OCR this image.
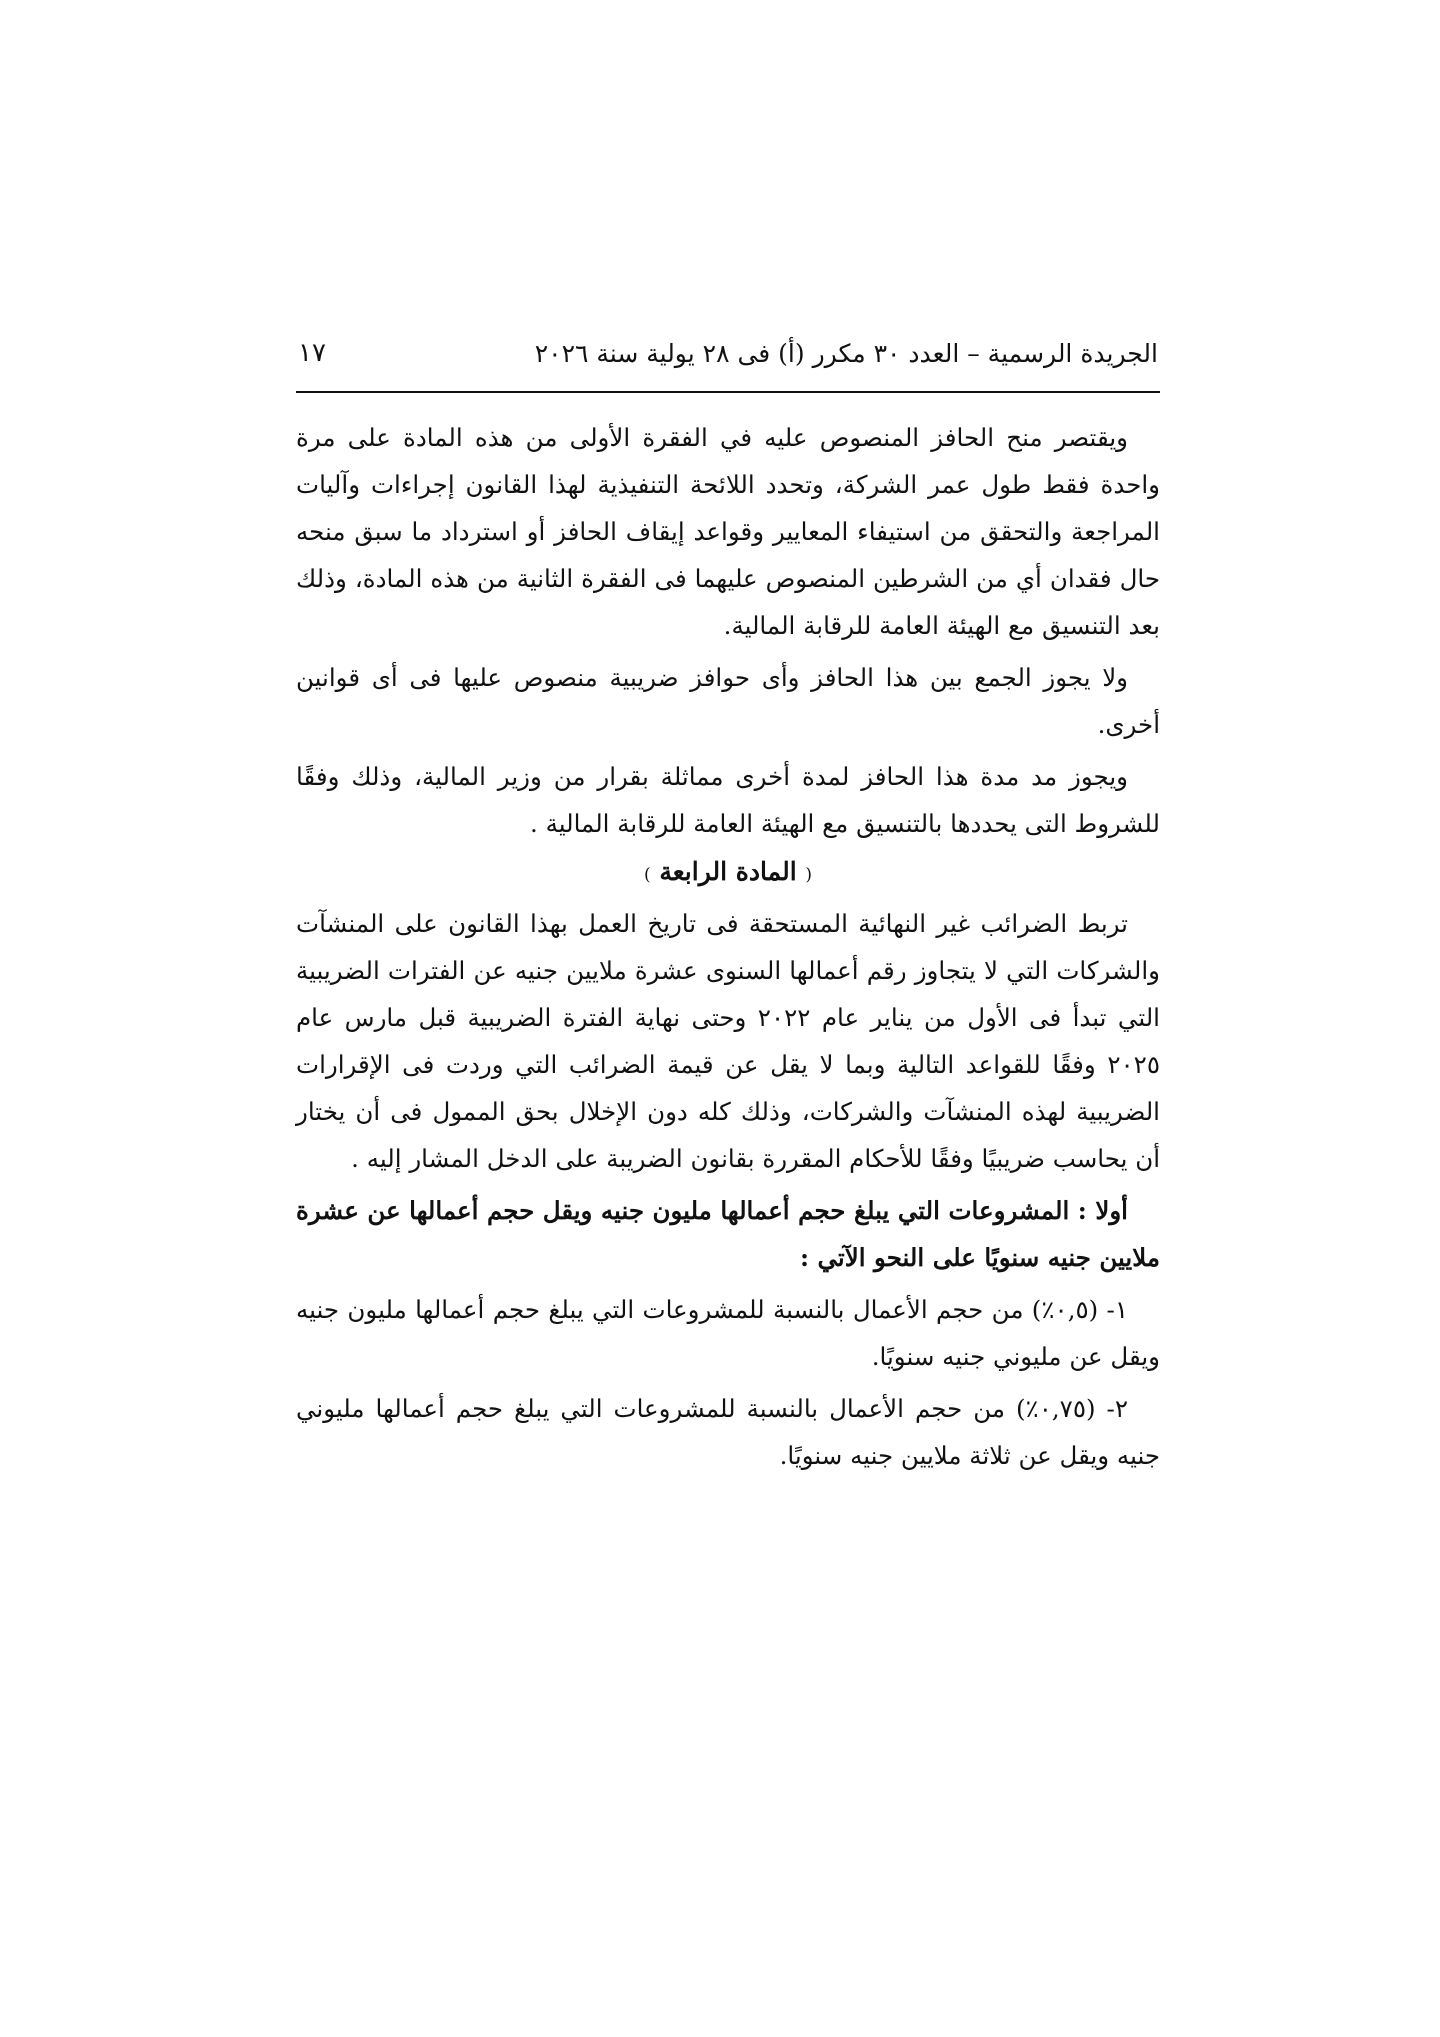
الجريدة الرسمية – العدد ٣٠ مكرر (أ) فى ٢٨ يولية سنة ٢٠٢٦
١٧

ويقتصر منح الحافز المنصوص عليه في الفقرة الأولى من هذه المادة على مرة واحدة فقط طول عمر الشركة، وتحدد اللائحة التنفيذية لهذا القانون إجراءات وآليات المراجعة والتحقق من استيفاء المعايير وقواعد إيقاف الحافز أو استرداد ما سبق منحه حال فقدان أي من الشرطين المنصوص عليهما فى الفقرة الثانية من هذه المادة، وذلك بعد التنسيق مع الهيئة العامة للرقابة المالية.

ولا يجوز الجمع بين هذا الحافز وأى حوافز ضريبية منصوص عليها فى أى قوانين أخرى.

ويجوز مد مدة هذا الحافز لمدة أخرى مماثلة بقرار من وزير المالية، وذلك وفقًا للشروط التى يحددها بالتنسيق مع الهيئة العامة للرقابة المالية .

( المادة الرابعة )

تربط الضرائب غير النهائية المستحقة فى تاريخ العمل بهذا القانون على المنشآت والشركات التي لا يتجاوز رقم أعمالها السنوى عشرة ملايين جنيه عن الفترات الضريبية التي تبدأ فى الأول من يناير عام ٢٠٢٢ وحتى نهاية الفترة الضريبية قبل مارس عام ٢٠٢٥ وفقًا للقواعد التالية وبما لا يقل عن قيمة الضرائب التي وردت فى الإقرارات الضريبية لهذه المنشآت والشركات، وذلك كله دون الإخلال بحق الممول فى أن يختار أن يحاسب ضريبيًا وفقًا للأحكام المقررة بقانون الضريبة على الدخل المشار إليه .

أولا : المشروعات التي يبلغ حجم أعمالها مليون جنيه ويقل حجم أعمالها عن عشرة ملايين جنيه سنويًا على النحو الآتي :

١- (٠,٥٪) من حجم الأعمال بالنسبة للمشروعات التي يبلغ حجم أعمالها مليون جنيه ويقل عن مليوني جنيه سنويًا.

٢- (٠,٧٥٪) من حجم الأعمال بالنسبة للمشروعات التي يبلغ حجم أعمالها مليوني جنيه ويقل عن ثلاثة ملايين جنيه سنويًا.
